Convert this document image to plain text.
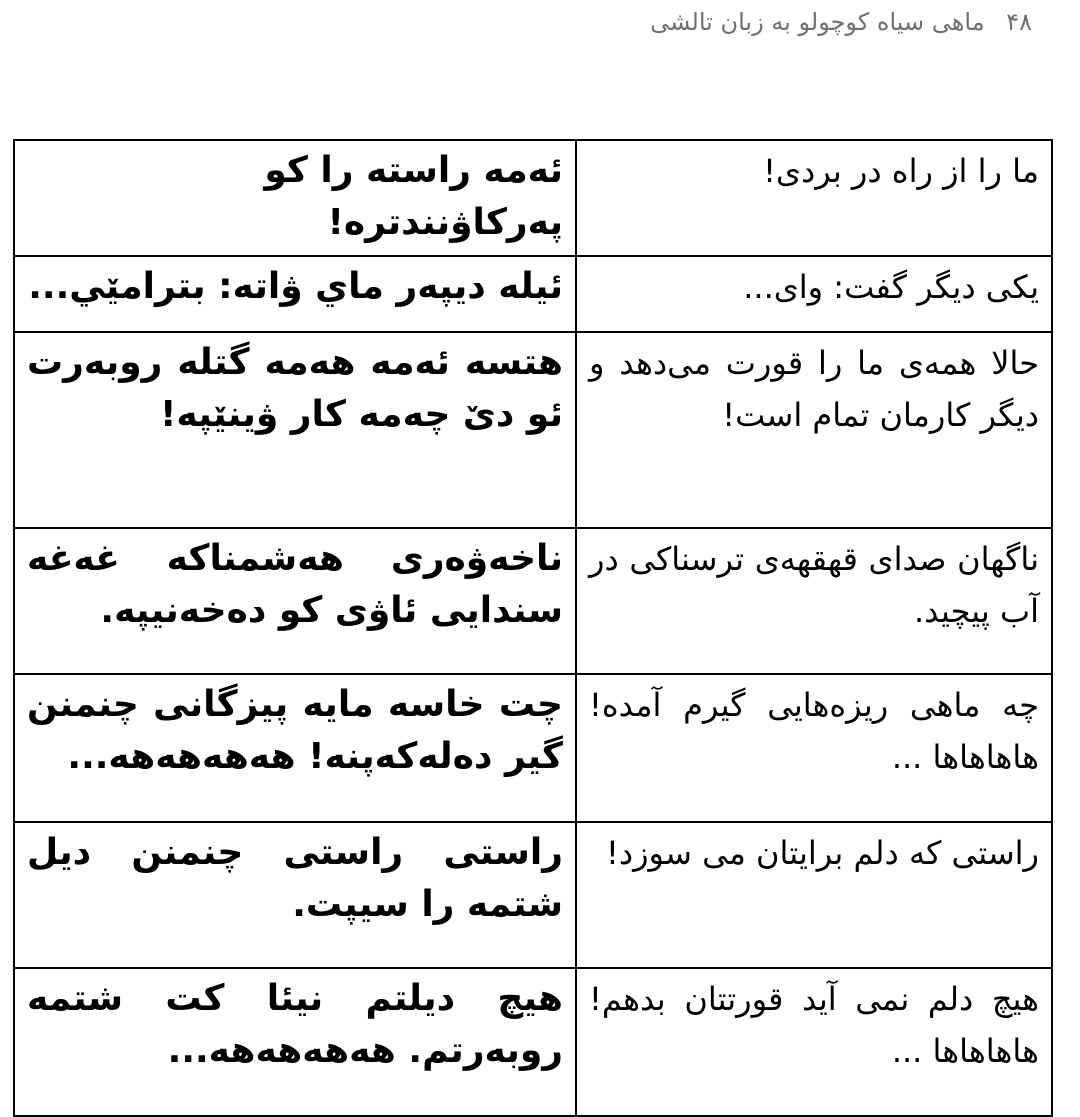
۴۸ ماهی سیاه کوچولو به زبان تالشی
ئەمە راستە را کو پەرکاۋنندترە!	ما را از راه در بردی!
ئیله دیپەر ماي ۋاتە: بترامێي...	یکی دیگر گفت: وای...
هتسە ئەمە هەمە گتلە روبەرت ئو دێ چەمە کار ۋینێپە!	حالا همه‌ی ما را قورت می‌دهد و دیگر کارمان تمام است!
ناخەۋەری هەشمناکە غەغە سندایی ئاۋی کو دەخەنیپە.	ناگهان صدای قهقهه‌ی ترسناکی در آب پیچید.
چت خاسە مایە پیزگانی چنمنن گیر دەلەکەپنە! هەهەهەهە...	چه ماهی ریزه‌هایی گیرم آمده! هاهاهاها ...
راستی راستی چنمنن دیل شتمە را سیپت.	راستی که دلم برایتان می سوزد!
هیچ دیلتم نیئا کت شتمە روبەرتم. هەهەهەهە...	هیچ دلم نمی آید قورتتان بدهم! هاهاهاها ...
